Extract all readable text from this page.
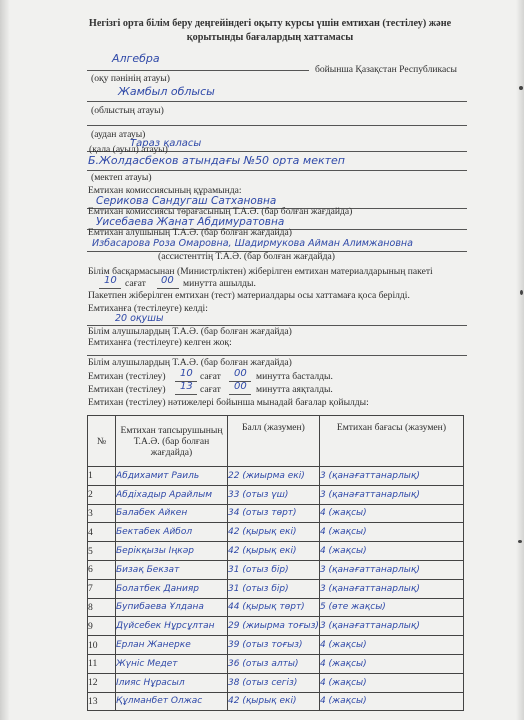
Негізгі орта білім беру деңгейіндегі оқыту курсы үшін емтихан (тестілеу) және
қорытынды бағалардың хаттамасы
Алгебра
бойынша Қазақстан Республикасы
(оқу пәнінің атауы)
Жамбыл облысы
(облыстың атауы)
(аудан атауы)
Тараз қаласы
(қала (ауыл) атауы)
Б.Жолдасбеков атындағы №50 орта мектеп
(мектеп атауы)
Емтихан комиссиясының құрамында:
Серикова Сандугаш Сатхановна
Емтихан комиссиясы төрағасының Т.А.Ә. (бар болған жағдайда)
Уисебаева Жанат Абдимуратовна
Емтихан алушының Т.А.Ә. (бар болған жағдайда)
Избасарова Роза Омаровна, Шадирмукова Айман Алимжановна
(ассистенттің Т.А.Ә. (бар болған жағдайда)
Білім басқармасынан (Министрліктен) жіберілген емтихан материалдарының пакеті
10 сағат 00 минутта ашылды.
Пакетпен жіберілген емтихан (тест) материалдары осы хаттамаға қоса берілді.
Емтиханға (тестілеуге) келді:
20 оқушы
Білім алушылардың Т.А.Ә. (бар болған жағдайда)
Емтиханға (тестілеуге) келген жоқ:
Білім алушылардың Т.А.Ә. (бар болған жағдайда)
Емтихан (тестілеу) 10 сағат 00 минутта басталды.
Емтихан (тестілеу) 13 сағат 00 минутта аяқталды.
Емтихан (тестілеу) нәтижелері бойынша мынадай бағалар қойылды:
№	Емтихан тапсырушының Т.А.Ә. (бар болған жағдайда)	Балл (жазумен)	Емтихан бағасы (жазумен)
1	Абдихамит Раиль	22 (жиырма екі)	3 (қанағаттанарлық)
2	Абдіхадыр Арайлым	33 (отыз үш)	3 (қанағаттанарлық)
3	Балабек Айкен	34 (отыз төрт)	4 (жақсы)
4	Бектабек Айбол	42 (қырық екі)	4 (жақсы)
5	Берікқызы Іңкәр	42 (қырық екі)	4 (жақсы)
6	Бизақ Бекзат	31 (отыз бір)	3 (қанағаттанарлық)
7	Болатбек Данияр	31 (отыз бір)	3 (қанағаттанарлық)
8	Бупибаева Ұлдана	44 (қырық төрт)	5 (өте жақсы)
9	Дүйсебек Нұрсұлтан	29 (жиырма тоғыз)	3 (қанағаттанарлық)
10	Ерлан Жанерке	39 (отыз тоғыз)	4 (жақсы)
11	Жүніс Медет	36 (отыз алты)	4 (жақсы)
12	Ілияс Нұрасыл	38 (отыз сегіз)	4 (жақсы)
13	Құлманбет Олжас	42 (қырық екі)	4 (жақсы)
